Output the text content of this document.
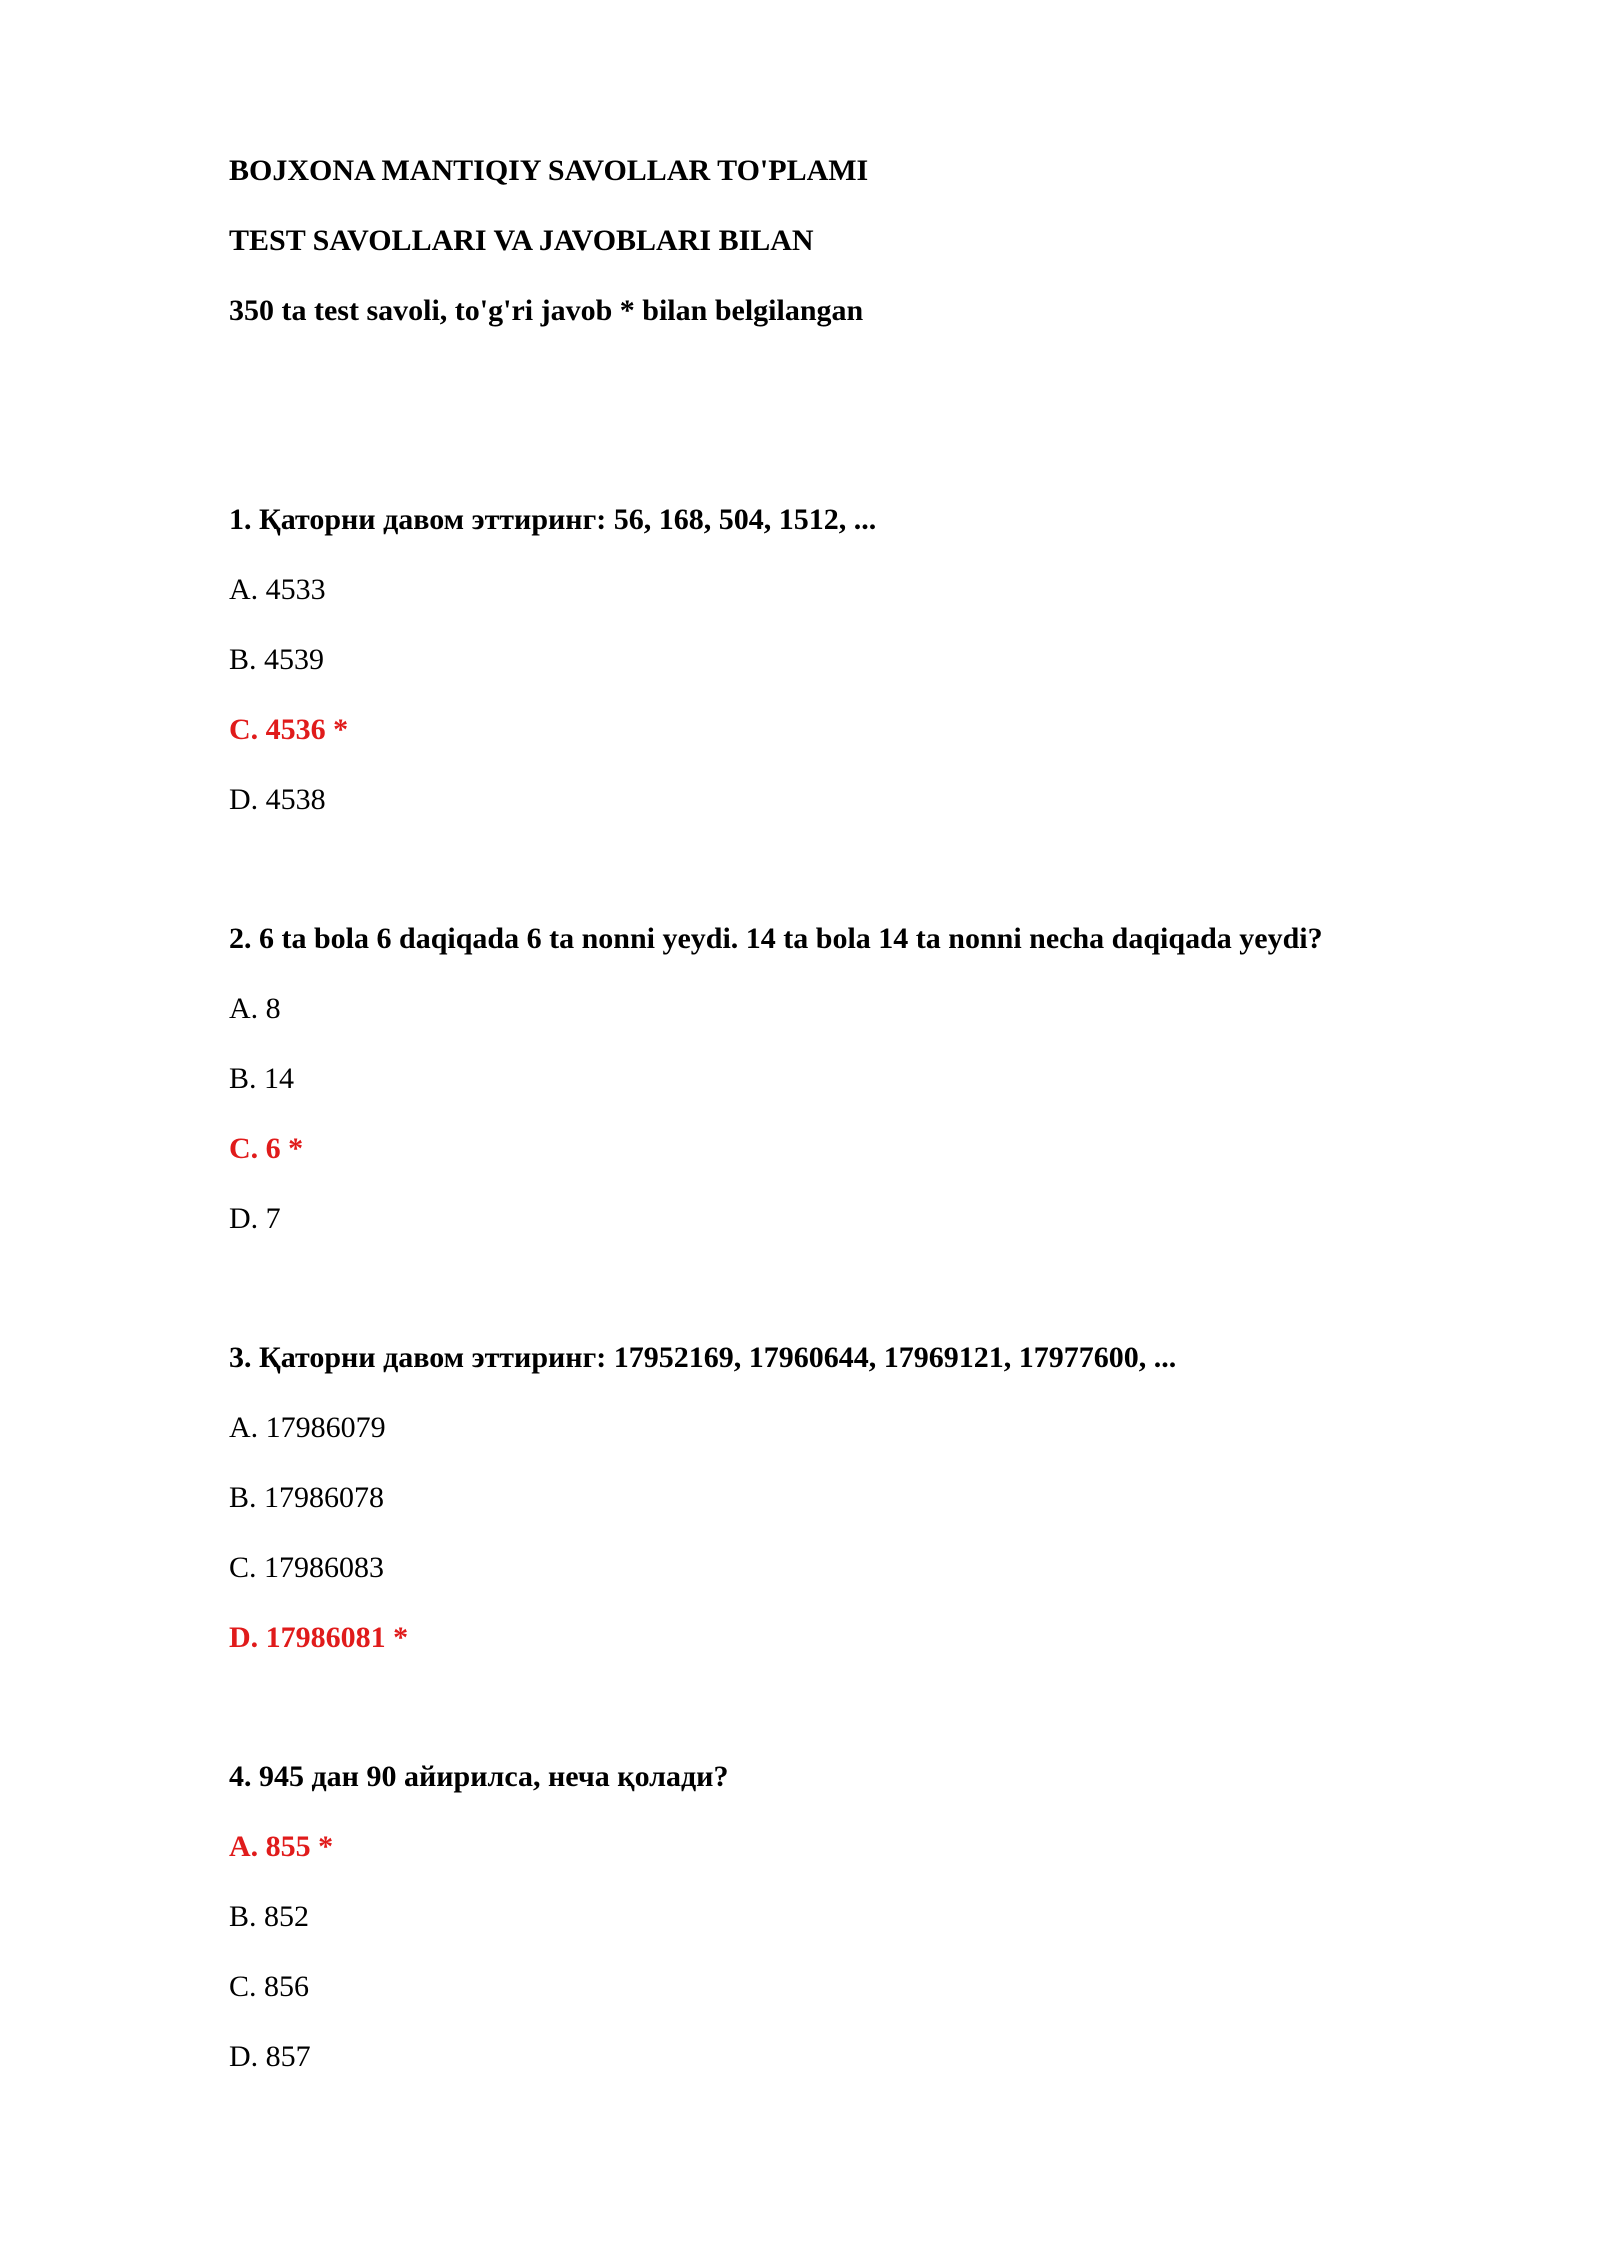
BOJXONA MANTIQIY SAVOLLAR TO'PLAMI
TEST SAVOLLARI VA JAVOBLARI BILAN
350 ta test savoli, to'g'ri javob * bilan belgilangan
1. Қаторни давом эттиринг: 56, 168, 504, 1512, ...
A. 4533
B. 4539
C. 4536 *
D. 4538
2. 6 ta bola 6 daqiqada 6 ta nonni yeydi. 14 ta bola 14 ta nonni necha daqiqada yeydi?
A. 8
B. 14
C. 6 *
D. 7
3. Қаторни давом эттиринг: 17952169, 17960644, 17969121, 17977600, ...
A. 17986079
B. 17986078
C. 17986083
D. 17986081 *
4. 945 дан 90 айирилса, неча қолади?
A. 855 *
B. 852
C. 856
D. 857
